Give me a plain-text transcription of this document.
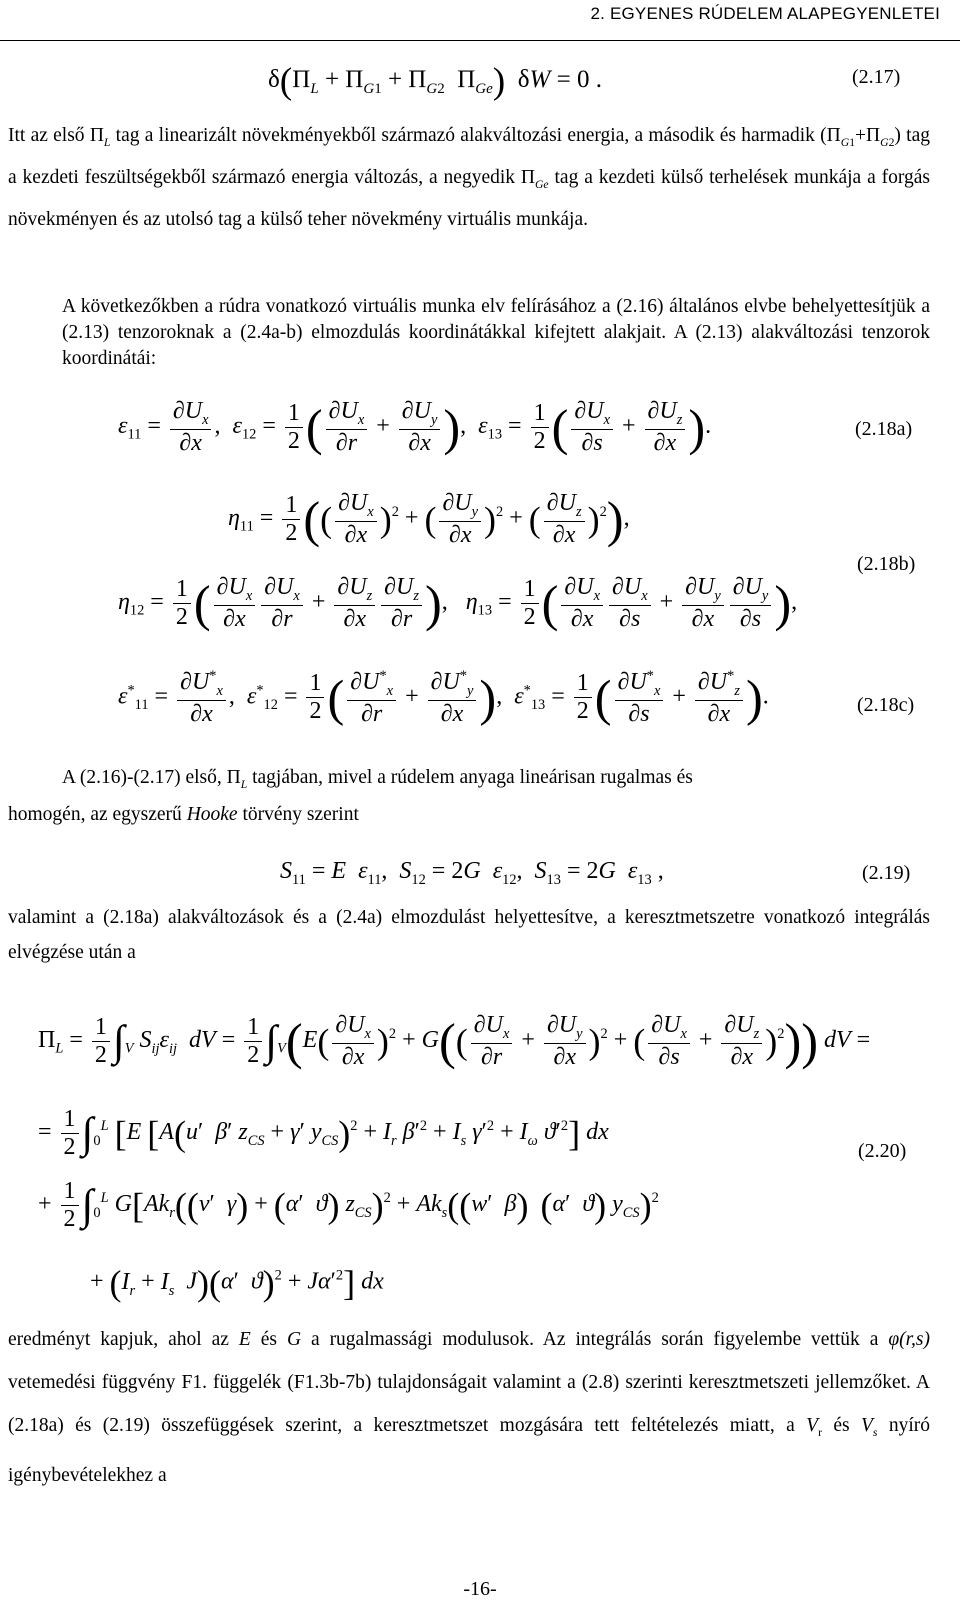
2. EGYENES RÚDELEM ALAPEGYENLETEI
$\delta(\Pi_L + \Pi_{G1} + \Pi_{G2}$  $\Pi_{Ge}$)  δW = 0 .	(2.17)
Itt az első $\Pi_L$ tag a linearizált növekményekből származó alakváltozási energia, a második és harmadik $(\Pi_{G1}+\Pi_{G2})$ tag a kezdeti feszültségekből származó energia változás, a negyedik $\Pi_{Ge}$ tag a kezdeti külső terhelések munkája a forgás növekményen és az utolsó tag a külső teher növekmény virtuális munkája.
A következőkben a rúdra vonatkozó virtuális munka elv felírásához a (2.16) általános elvbe behelyettesítjük a (2.13) tenzoroknak a (2.4a-b) elmozdulás koordinátákkal kifejtett alakjait. A (2.13) alakváltozási tenzorok koordinátái:
$\varepsilon_{11} = \frac{\partial U_x}{\partial x}$ ,  $\varepsilon_{12} = \frac{1}{2}$ ( $\frac{\partial U_x}{\partial r} + \frac{\partial U_y}{\partial x}$ ),  $\varepsilon_{13} = \frac{1}{2}$ ( $\frac{\partial U_x}{\partial s} + \frac{\partial U_z}{\partial x}$ ).	(2.18a)
$\eta_{11} = \frac{1}{2}$ (( $\frac{\partial U_x}{\partial x} )^2$ + ( $\frac{\partial U_y}{\partial x} )^2$ + ( $\frac{\partial U_z}{\partial x} )^2$),
(2.18b)
$\eta_{12} = \frac{1}{2}$ ( $\frac{\partial U_x}{\partial x} \frac{\partial U_x}{\partial r} + \frac{\partial U_z}{\partial x} \frac{\partial U_z}{\partial r}$ ),   $\eta_{13} = \frac{1}{2}$ ( $\frac{\partial U_x}{\partial x} \frac{\partial U_x}{\partial s} + \frac{\partial U_y}{\partial x} \frac{\partial U_y}{\partial s}$ ),
$\varepsilon^*_{11} = \frac{\partial U^*_x}{\partial x}$ ,  $\varepsilon^*_{12} = \frac{1}{2}$ ( $\frac{\partial U^*_x}{\partial r} + \frac{\partial U^*_y}{\partial x}$ ),  $\varepsilon^*_{13} = \frac{1}{2}$ ( $\frac{\partial U^*_x}{\partial s} + \frac{\partial U^*_z}{\partial x}$ ).	(2.18c)
A (2.16)-(2.17) első, $\Pi_L$ tagjában, mivel a rúdelem anyaga lineárisan rugalmas és
homogén, az egyszerű Hooke törvény szerint
$S_{11} = E$ $\varepsilon_{11}$,  $S_{12} = 2G$ $\varepsilon_{12}$,  $S_{13} = 2G$ $\varepsilon_{13}$ ,	(2.19)
valamint a (2.18a) alakváltozások és a (2.4a) elmozdulást helyettesítve, a keresztmetszetre vonatkozó integrálás elvégzése után a
$\Pi_L = \frac{1}{2} \int_V$ $S_{ij}\varepsilon_{ij}$ dV = $\frac{1}{2} \int_V(E( \frac{\partial U_x}{\partial x} )^2 + G(( \frac{\partial U_x}{\partial r} + \frac{\partial U_y}{\partial x} )^2$ + ( $\frac{\partial U_x}{\partial s} + \frac{\partial U_z}{\partial x} )^2$)) dV =
= $\frac{1}{2} \int_0^L$ [E [A(u′  β′ $z_{CS} + \gamma'$ $y_{CS})^2 + I_r$ $\beta'^2 + I_s$ $\gamma'^2 + I_\omega$ $ϑ'^2$] dx
(2.20)
+ $\frac{1}{2} \int_0^L$ $G[Ak_r((v'$  γ) + (α′  ϑ) $z_{CS})^2 + Ak_s((w'$  β) (α′  ϑ) $y_{CS})^2$
+ ($I_r + I_s$ J)(α′  $ϑ)^2 + J\alpha'^2$] dx
eredményt kapjuk, ahol az E és G a rugalmassági modulusok. Az integrálás során figyelembe vettük a φ(r,s) vetemedési függvény F1. függelék (F1.3b-7b) tulajdonságait valamint a (2.8) szerinti keresztmetszeti jellemzőket. A (2.18a) és (2.19) összefüggések szerint, a keresztmetszet mozgására tett feltételezés miatt, a $V_r$ és $V_s$ nyíró igénybevételekhez a
-16-
